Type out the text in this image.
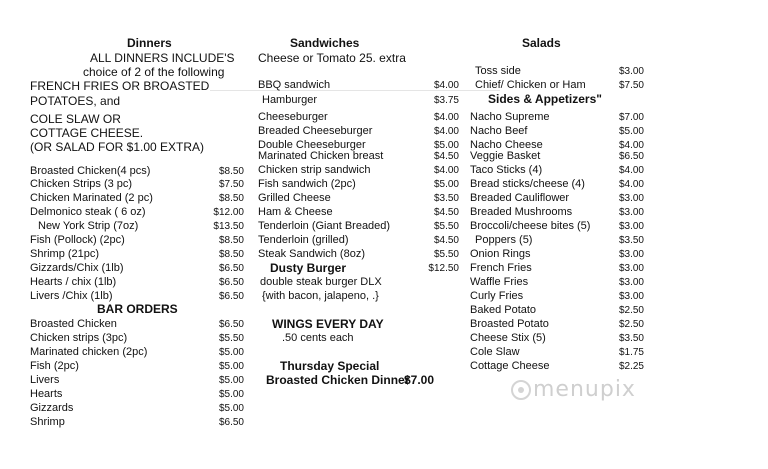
Dinners
ALL DINNERS INCLUDE'S
choice of 2 of the following
FRENCH FRIES OR BROASTED
POTATOES, and
COLE SLAW OR
COTTAGE CHEESE.
(OR SALAD FOR $1.00 EXTRA)
Broasted Chicken(4 pcs)	$8.50
Chicken Strips (3 pc)	$7.50
Chicken Marinated (2 pc)	$8.50
Delmonico steak ( 6 oz)	$12.00
New York Strip (7oz)	$13.50
Fish (Pollock) (2pc)	$8.50
Shrimp (21pc)	$8.50
Gizzards/Chix (1lb)	$6.50
Hearts / chix (1lb)	$6.50
Livers /Chix (1lb)	$6.50
BAR ORDERS
Broasted Chicken	$6.50
Chicken strips (3pc)	$5.50
Marinated chicken (2pc)	$5.00
Fish (2pc)	$5.00
Livers	$5.00
Hearts	$5.00
Gizzards	$5.00
Shrimp	$6.50
Sandwiches
Cheese or Tomato 25. extra
BBQ sandwich	$4.00
Hamburger	$3.75
Cheeseburger	$4.00
Breaded Cheeseburger	$4.00
Double Cheeseburger	$5.00
Marinated Chicken breast	$4.50
Chicken strip sandwich	$4.00
Fish sandwich (2pc)	$5.00
Grilled Cheese	$3.50
Ham & Cheese	$4.50
Tenderloin (Giant Breaded)	$5.50
Tenderloin (grilled)	$4.50
Steak Sandwich (8oz)	$5.50
Dusty Burger	$12.50
double steak burger DLX
{with bacon, jalapeno, .}
WINGS EVERY DAY
.50 cents each
Thursday Special
Broasted Chicken Dinner
$7.00
Salads
Toss side	$3.00
Chief/ Chicken or Ham	$7.50
Sides & Appetizers"
Nacho Supreme	$7.00
Nacho Beef	$5.00
Nacho Cheese	$4.00
Veggie Basket	$6.50
Taco Sticks (4)	$4.00
Bread sticks/cheese (4)	$4.00
Breaded Cauliflower	$3.00
Breaded Mushrooms	$3.00
Broccoli/cheese bites (5)	$3.00
Poppers (5)	$3.50
Onion Rings	$3.00
French Fries	$3.00
Waffle Fries	$3.00
Curly Fries	$3.00
Baked Potato	$2.50
Broasted Potato	$2.50
Cheese Stix (5)	$3.50
Cole Slaw	$1.75
Cottage Cheese	$2.25
menupix
